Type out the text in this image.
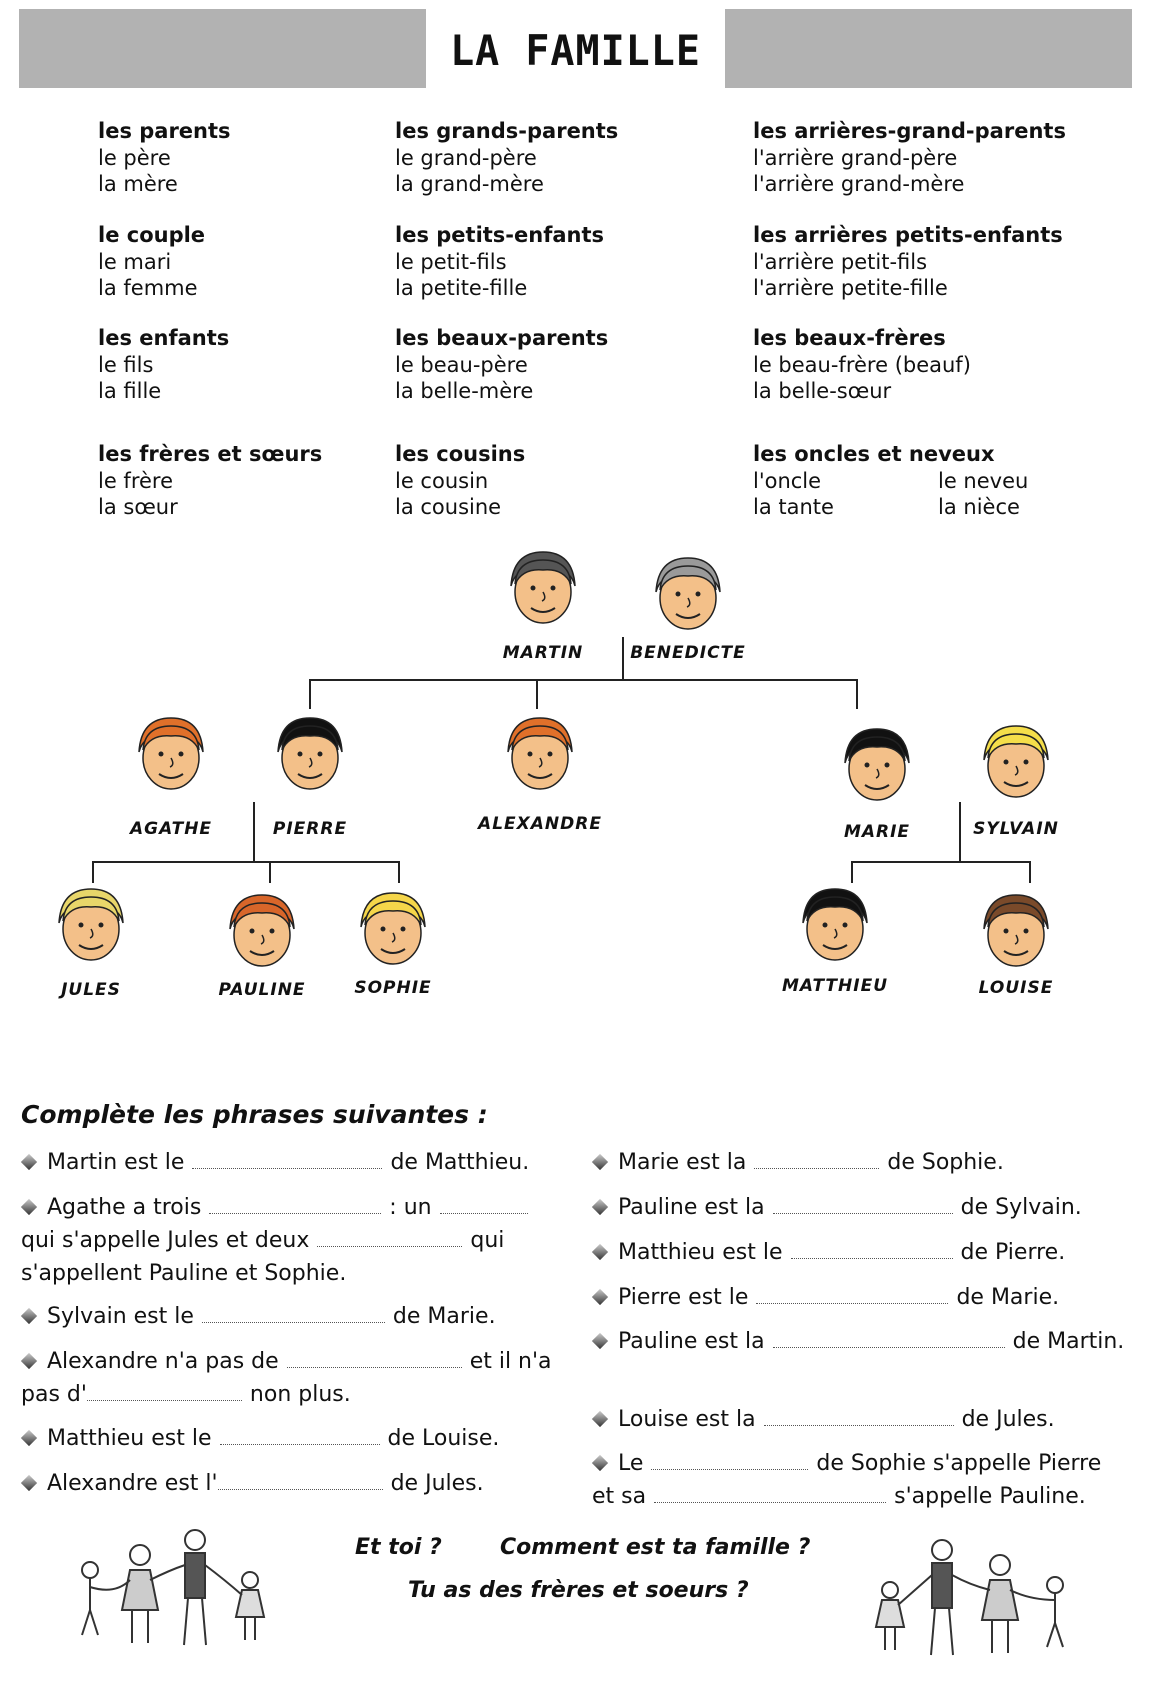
LA FAMILLE
les parents
le père
la mère
les grands-parents
le grand-père
la grand-mère
les arrières-grand-parents
l'arrière grand-père
l'arrière grand-mère
le couple
le mari
la femme
les petits-enfants
le petit-fils
la petite-fille
les arrières petits-enfants
l'arrière petit-fils
l'arrière petite-fille
les enfants
le fils
la fille
les beaux-parents
le beau-père
la belle-mère
les beaux-frères
le beau-frère (beauf)
la belle-sœur
les frères et sœurs
le frère
la sœur
les cousins
le cousin
la cousine
les oncles et neveux
l'oncle	le neveu
la tante	la nièce
MARTIN	BENEDICTE
AGATHE	PIERRE	ALEXANDRE	MARIE	SYLVAIN
JULES	PAULINE	SOPHIE	MATTHIEU	LOUISE
Complète les phrases suivantes :
Martin est le	de Matthieu.
Agathe a trois	: un
qui s'appelle Jules et deux	qui
s'appellent Pauline et Sophie.
Sylvain est le	de Marie.
Alexandre n'a pas de	et il n'a
pas d'	non plus.
Matthieu est le	de Louise.
Alexandre est l'	de Jules.
Marie est la	de Sophie.
Pauline est la	de Sylvain.
Matthieu est le	de Pierre.
Pierre est le	de Marie.
Pauline est la	de Martin.
Louise est la	de Jules.
Le	de Sophie s'appelle Pierre
et sa	s'appelle Pauline.
Et toi ?	Comment est ta famille ?
Tu as des frères et soeurs ?
